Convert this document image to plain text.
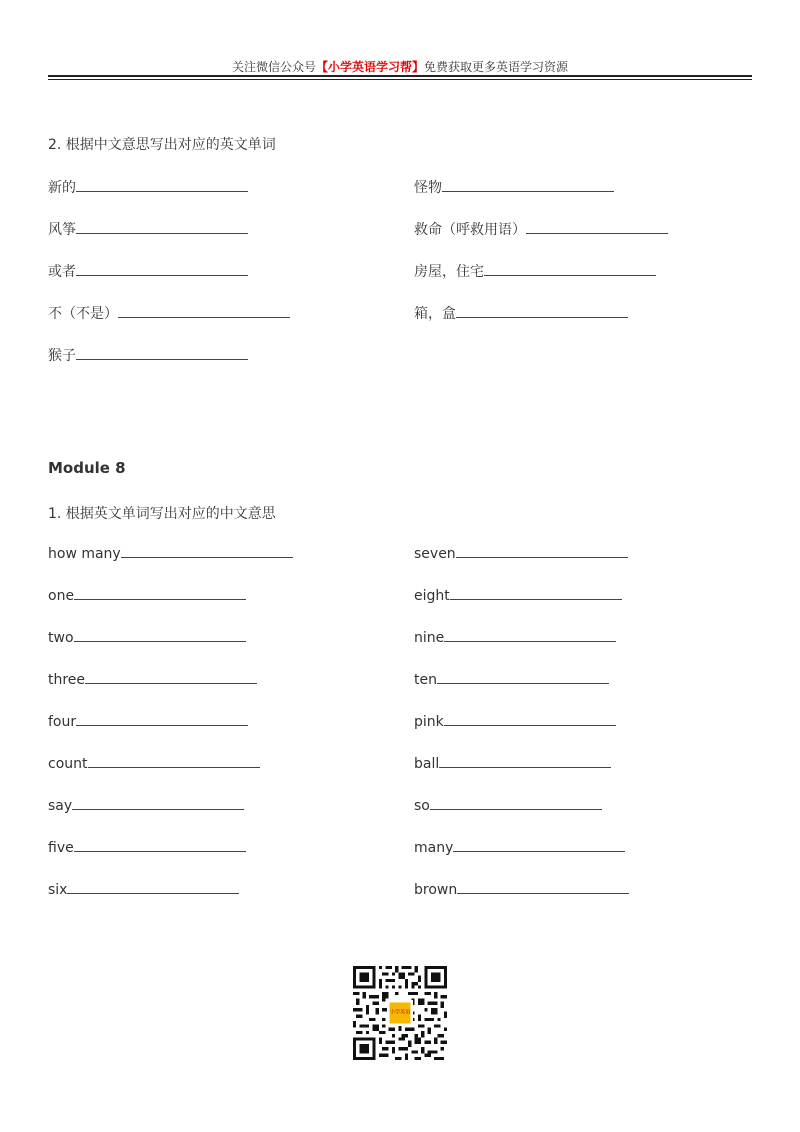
关注微信公众号【小学英语学习帮】免费获取更多英语学习资源
2. 根据中文意思写出对应的英文单词
新的
风筝
或者
不（不是）
猴子
怪物
救命（呼救用语）
房屋，住宅
箱，盒
Module 8
1. 根据英文单词写出对应的中文意思
how many
one
two
three
four
count
say
five
six
seven
eight
nine
ten
pink
ball
so
many
brown
小学英语
